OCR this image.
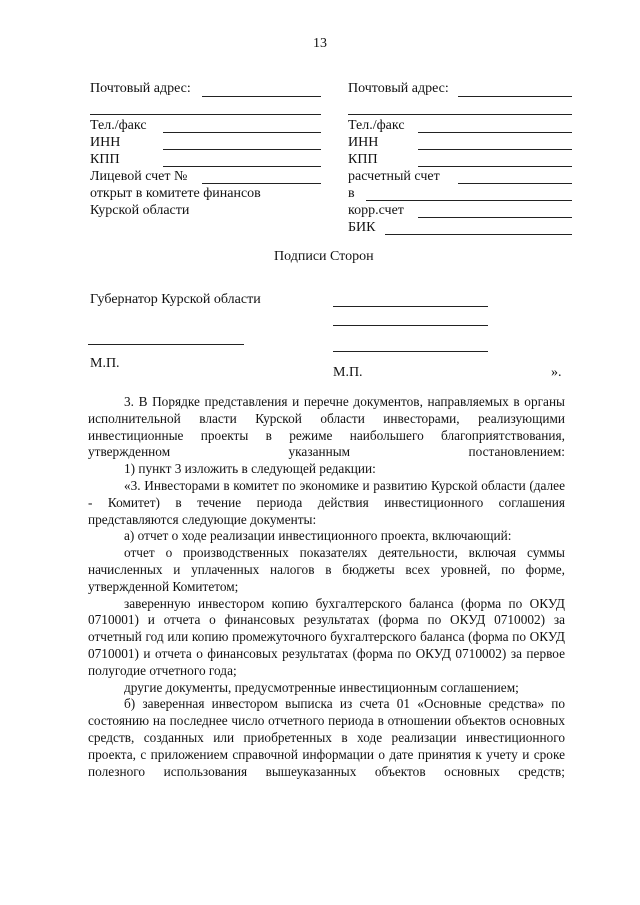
13
Почтовый адрес:
Тел./факс
ИНН
КПП
Лицевой счет №
открыт в комитете финансов
Курской области
Почтовый адрес:
Тел./факс
ИНН
КПП
расчетный счет
в
корр.счет
БИК
Подписи Сторон
Губернатор Курской области
М.П.
М.П.	».

3. В Порядке представления и перечне документов, направляемых в органы исполнительной власти Курской области инвесторами, реализующими инвестиционные проекты в режиме наибольшего благоприятствования, утвержденном указанным постановлением:

1) пункт 3 изложить в следующей редакции:

«3. Инвесторами в комитет по экономике и развитию Курской области (далее - Комитет) в течение периода действия инвестиционного соглашения представляются следующие документы:

а) отчет о ходе реализации инвестиционного проекта, включающий:

отчет о производственных показателях деятельности, включая суммы начисленных и уплаченных налогов в бюджеты всех уровней, по форме, утвержденной Комитетом;

заверенную инвестором копию бухгалтерского баланса (форма по ОКУД 0710001) и отчета о финансовых результатах (форма по ОКУД 0710002) за отчетный год или копию промежуточного бухгалтерского баланса (форма по ОКУД 0710001) и отчета о финансовых результатах (форма по ОКУД 0710002) за первое полугодие отчетного года;

другие документы, предусмотренные инвестиционным соглашением;

б) заверенная инвестором выписка из счета 01 «Основные средства» по состоянию на последнее число отчетного периода в отношении объектов основных средств, созданных или приобретенных в ходе реализации инвестиционного проекта, с приложением справочной информации о дате принятия к учету и сроке полезного использования вышеуказанных объектов основных средств;
